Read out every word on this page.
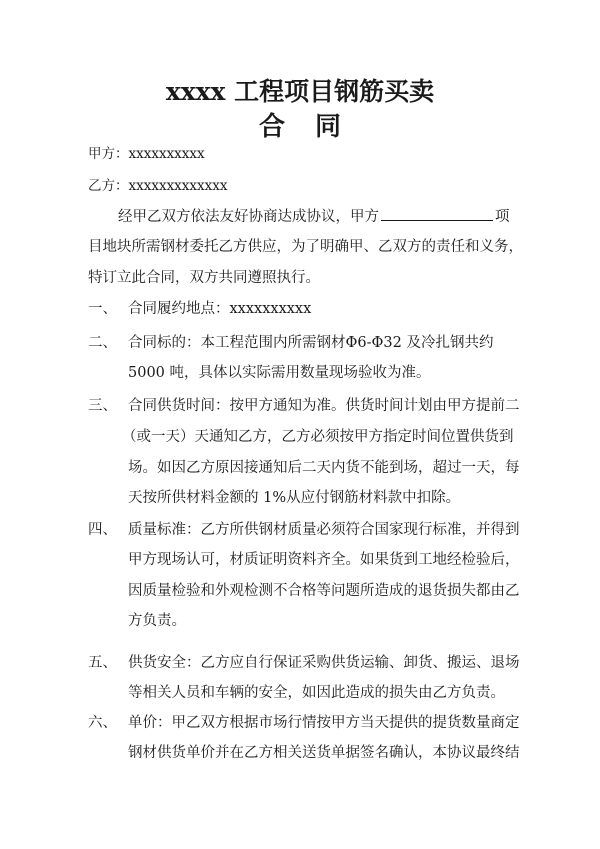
xxxx 工程项目钢筋买卖
合 同
甲方：xxxxxxxxxx
乙方：xxxxxxxxxxxxx
经甲乙双方依法友好协商达成协议，甲方	项
目地块所需钢材委托乙方供应，为了明确甲、乙双方的责任和义务，
特订立此合同，双方共同遵照执行。
一、 合同履约地点：xxxxxxxxxx
二、 合同标的：本工程范围内所需钢材Φ6-Φ32 及冷扎钢共约
5000 吨，具体以实际需用数量现场验收为准。
三、 合同供货时间：按甲方通知为准。供货时间计划由甲方提前二
（或一天）天通知乙方，乙方必须按甲方指定时间位置供货到
场。如因乙方原因接通知后二天内货不能到场，超过一天，每
天按所供材料金额的 1%从应付钢筋材料款中扣除。
四、 质量标准：乙方所供钢材质量必须符合国家现行标准，并得到
甲方现场认可，材质证明资料齐全。如果货到工地经检验后，
因质量检验和外观检测不合格等问题所造成的退货损失都由乙
方负责。
五、 供货安全：乙方应自行保证采购供货运输、卸货、搬运、退场
等相关人员和车辆的安全，如因此造成的损失由乙方负责。
六、 单价：甲乙双方根据市场行情按甲方当天提供的提货数量商定
钢材供货单价并在乙方相关送货单据签名确认，本协议最终结
